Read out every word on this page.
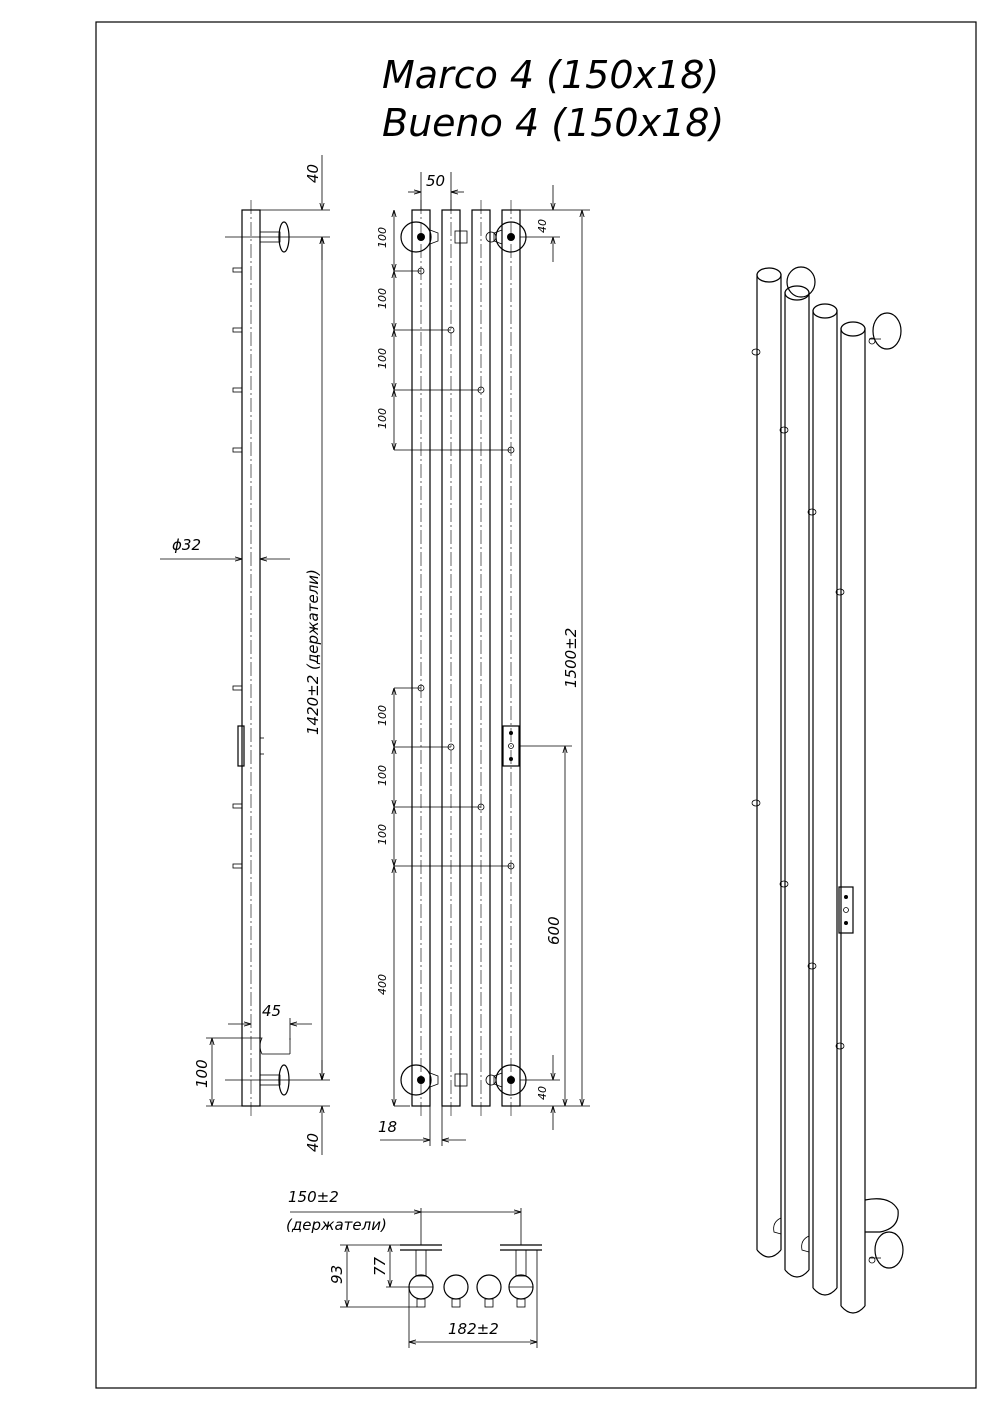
Marco 4 (150x18)
Bueno 4 (150x18)
40
1420±2 (держатели)
40
ϕ32
45
100
100
100
100
100
100
100
100
400
50
40
1500±2
600
40
18
150±2
(держатели)
93 77
182±2
